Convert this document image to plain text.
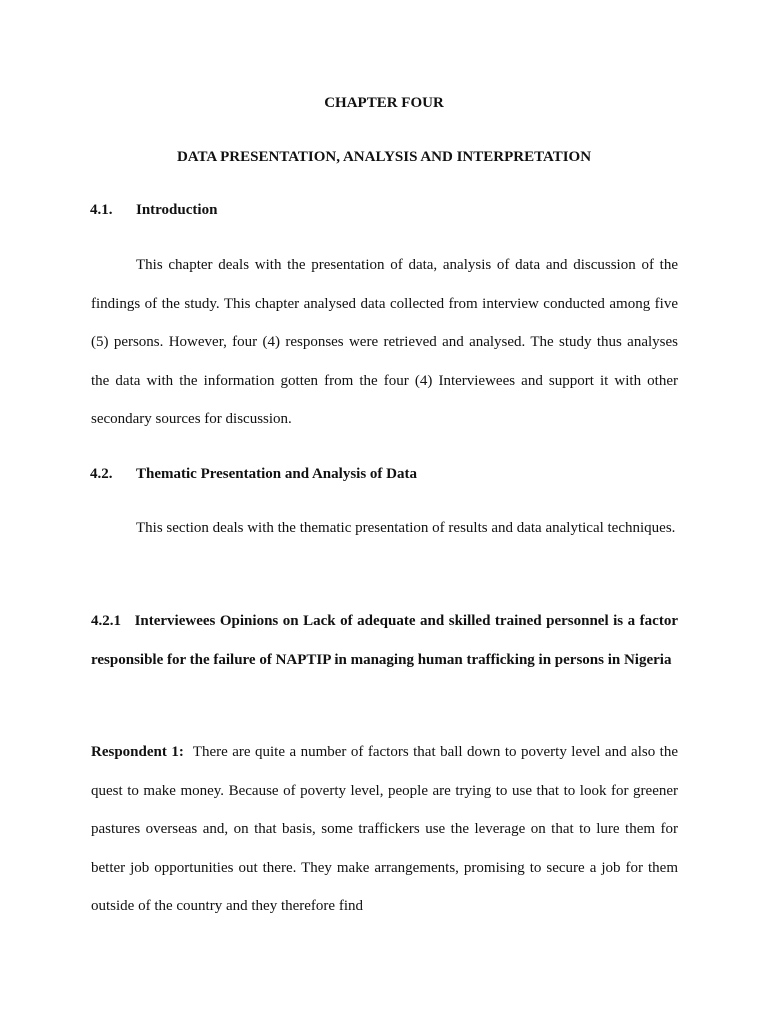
CHAPTER FOUR

DATA PRESENTATION, ANALYSIS AND INTERPRETATION

4.1. Introduction

This chapter deals with the presentation of data, analysis of data and discussion of the findings of the study. This chapter analysed data collected from interview conducted among five (5) persons. However, four (4) responses were retrieved and analysed. The study thus analyses the data with the information gotten from the four (4) Interviewees and support it with other secondary sources for discussion.

4.2. Thematic Presentation and Analysis of Data

This section deals with the thematic presentation of results and data analytical techniques.

4.2.1 Interviewees Opinions on Lack of adequate and skilled trained personnel is a factor responsible for the failure of NAPTIP in managing human trafficking in persons in Nigeria

Respondent 1: There are quite a number of factors that ball down to poverty level and also the quest to make money. Because of poverty level, people are trying to use that to look for greener pastures overseas and, on that basis, some traffickers use the leverage on that to lure them for better job opportunities out there. They make arrangements, promising to secure a job for them outside of the country and they therefore find
